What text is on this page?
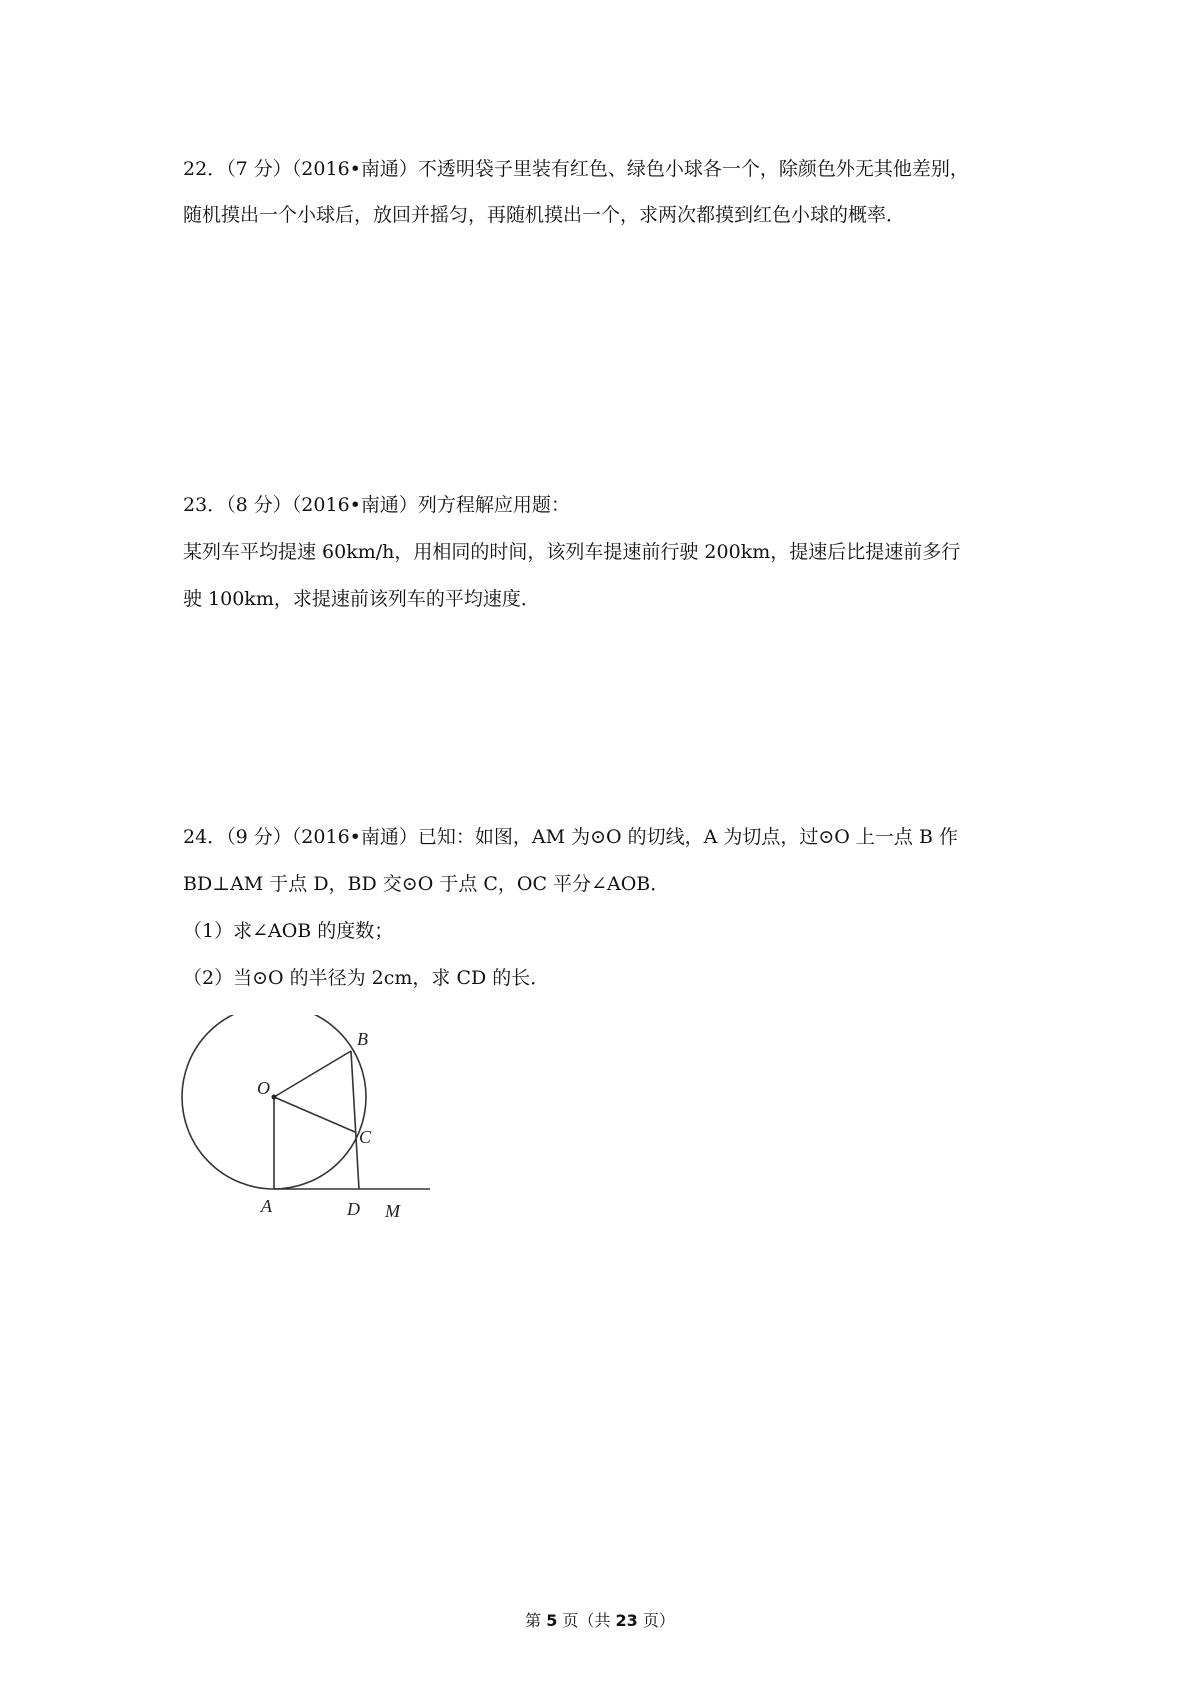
22．（7 分）（2016•南通）不透明袋子里装有红色、绿色小球各一个，除颜色外无其他差别，
随机摸出一个小球后，放回并摇匀，再随机摸出一个，求两次都摸到红色小球的概率．
23．（8 分）（2016•南通）列方程解应用题：
某列车平均提速 60km/h，用相同的时间，该列车提速前行驶 200km，提速后比提速前多行
驶 100km，求提速前该列车的平均速度．
24．（9 分）（2016•南通）已知：如图，AM 为⊙O 的切线，A 为切点，过⊙O 上一点 B 作
BD⊥AM 于点 D，BD 交⊙O 于点 C，OC 平分∠AOB．
（1）求∠AOB 的度数；
（2）当⊙O 的半径为 2cm，求 CD 的长．
B
O
C
A	D M
第 5 页（共 23 页）
